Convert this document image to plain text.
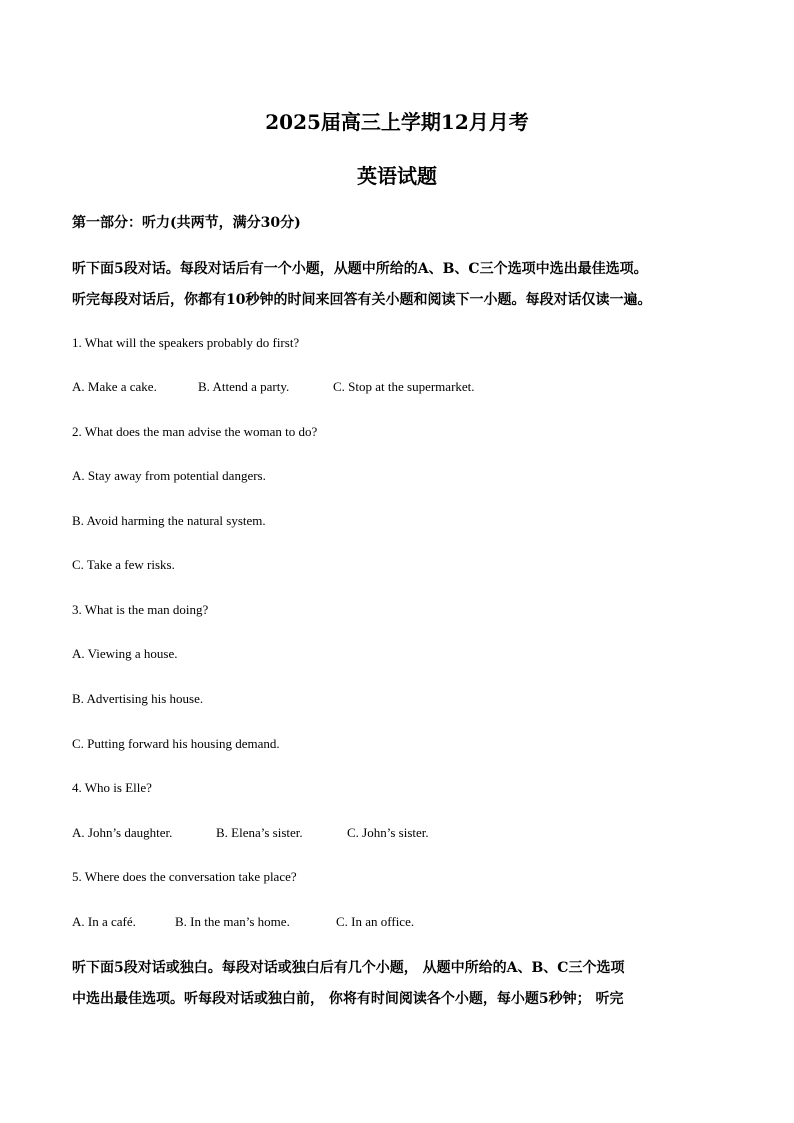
2025届高三上学期12月月考
英语试题
第一部分：听力(共两节，满分30分)
听下面5段对话。每段对话后有一个小题，从题中所给的A、B、C三个选项中选出最佳选项。
听完每段对话后，你都有10秒钟的时间来回答有关小题和阅读下一小题。每段对话仅读一遍。
1. What will the speakers probably do first?
A. Make a cake.	B. Attend a party.	C. Stop at the supermarket.
2. What does the man advise the woman to do?
A. Stay away from potential dangers.
B. Avoid harming the natural system.
C. Take a few risks.
3. What is the man doing?
A. Viewing a house.
B. Advertising his house.
C. Putting forward his housing demand.
4. Who is Elle?
A. John’s daughter.	B. Elena’s sister.	C. John’s sister.
5. Where does the conversation take place?
A. In a café.	B. In the man’s home.	C. In an office.
听下面5段对话或独白。每段对话或独白后有几个小题， 从题中所给的A、B、C三个选项
中选出最佳选项。听每段对话或独白前， 你将有时间阅读各个小题，每小题5秒钟； 听完
